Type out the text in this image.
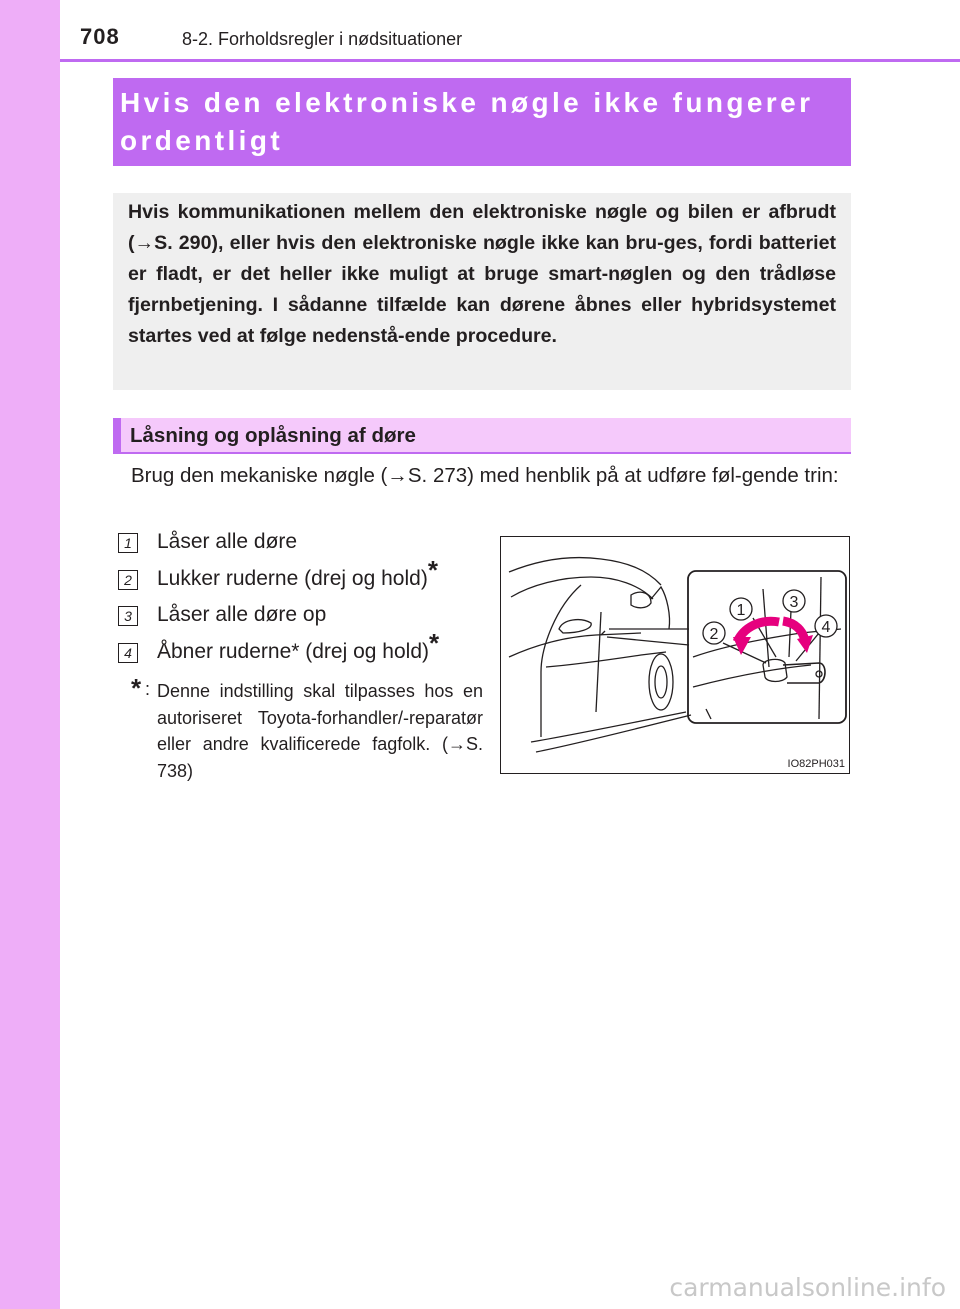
708	8-2. Forholdsregler i nødsituationer
Hvis den elektroniske nøgle ikke fungerer ordentligt

Hvis kommunikationen mellem den elektroniske nøgle og bilen er afbrudt (→S. 290), eller hvis den elektroniske nøgle ikke kan bru-ges, fordi batteriet er fladt, er det heller ikke muligt at bruge smart-nøglen og den trådløse fjernbetjening. I sådanne tilfælde kan dørene åbnes eller hybridsystemet startes ved at følge nedenstå-ende procedure.

Låsning og oplåsning af døre

Brug den mekaniske nøgle (→S. 273) med henblik på at udføre føl-gende trin:

1 Låser alle døre
2 Lukker ruderne (drej og hold)*
3 Låser alle døre op
4 Åbner ruderne* (drej og hold)*
* : Denne indstilling skal tilpasses hos en autoriseret Toyota-forhandler/-reparatør eller andre kvalificerede fagfolk. (→S. 738)

1
2
3
4
IO82PH031
carmanualsonline.info
